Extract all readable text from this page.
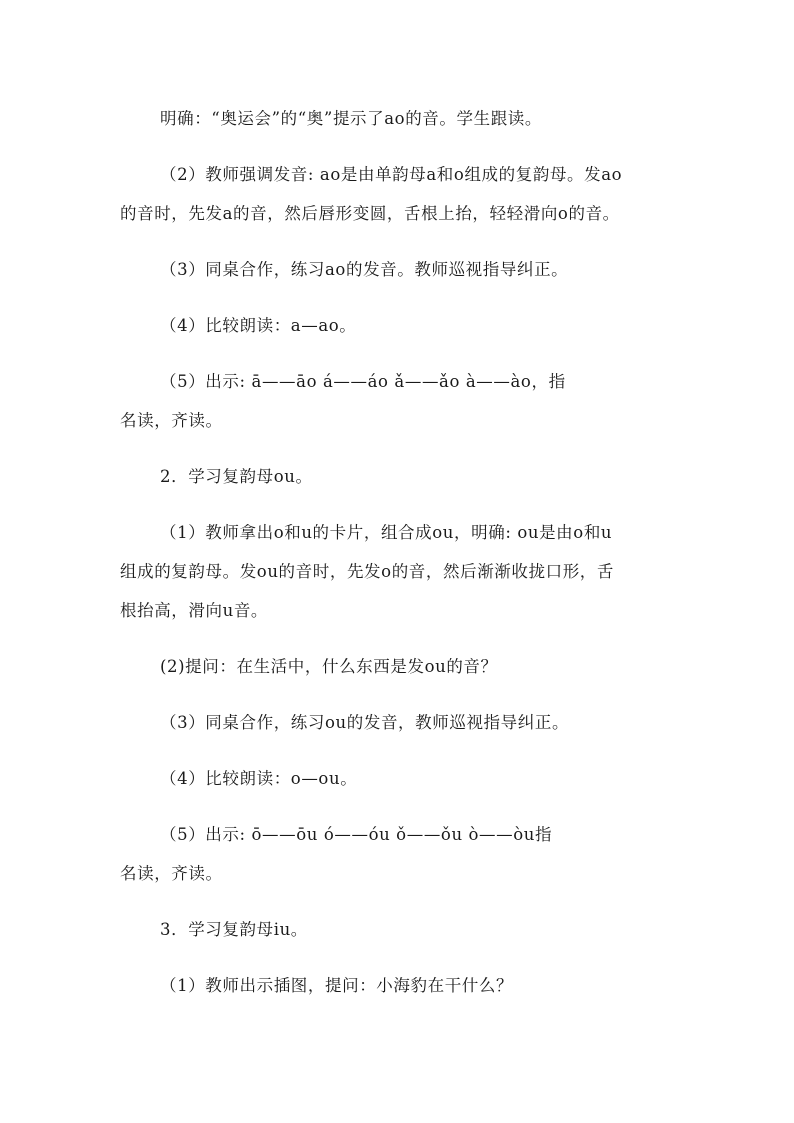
明确：“奥运会”的“奥”提示了ao的音。学生跟读。
（2）教师强调发音: ao是由单韵母a和o组成的复韵母。发ao
的音时，先发a的音，然后唇形变圆，舌根上抬，轻轻滑向o的音。
（3）同桌合作，练习ao的发音。教师巡视指导纠正。
（4）比较朗读：a—ao。
（5）出示: ā——āo á——áo ǎ——ǎo à——ào，指
名读，齐读。
2．学习复韵母ou。
（1）教师拿出o和u的卡片，组合成ou，明确: ou是由o和u
组成的复韵母。发ou的音时，先发o的音，然后渐渐收拢口形，舌
根抬高，滑向u音。
(2)提问：在生活中，什么东西是发ou的音？
（3）同桌合作，练习ou的发音，教师巡视指导纠正。
（4）比较朗读：o—ou。
（5）出示: ō——ōu ó——óu ǒ——ǒu ò——òu指
名读，齐读。
3．学习复韵母iu。
（1）教师出示插图，提问：小海豹在干什么？
